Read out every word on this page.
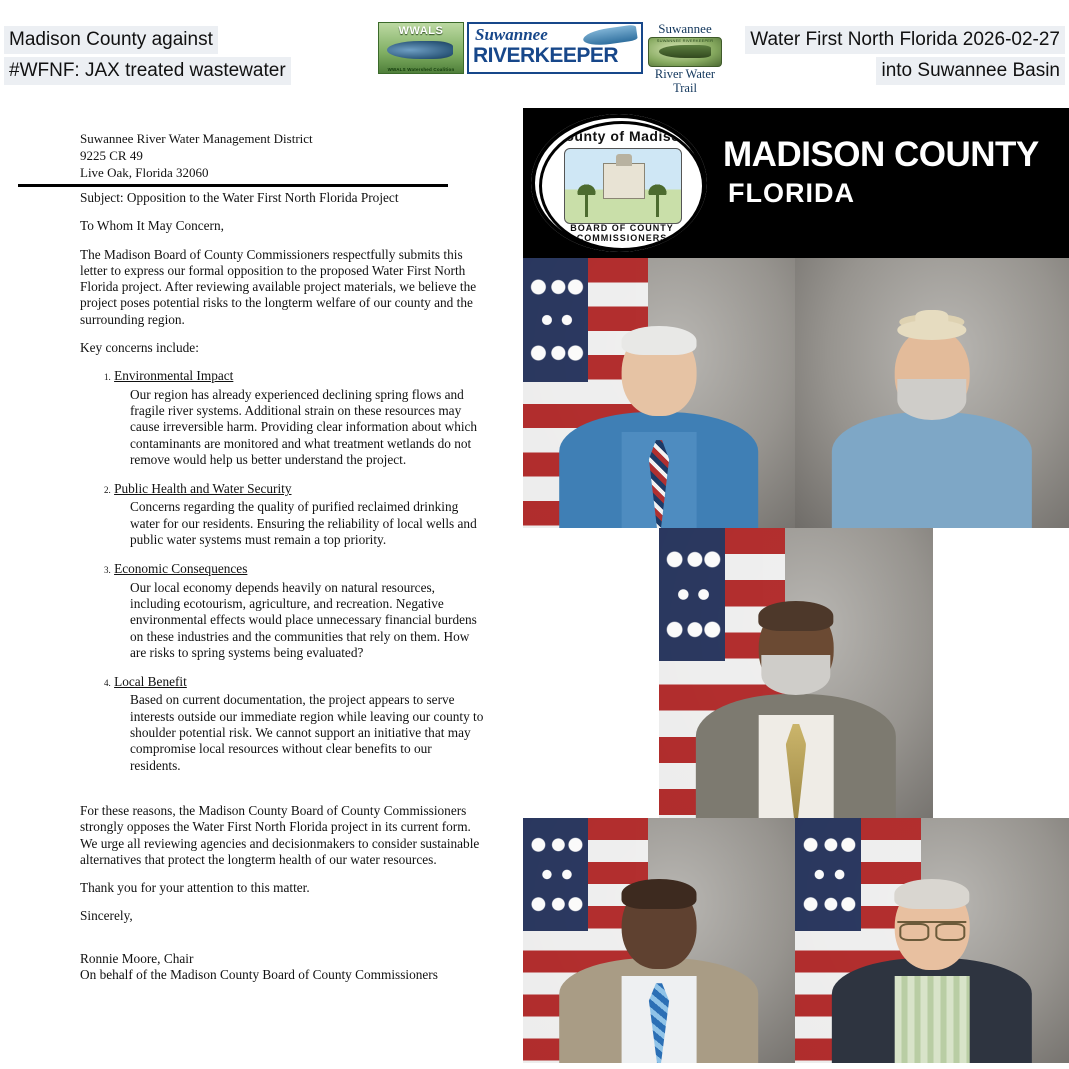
Madison County against
#WFNF: JAX treated wastewater
WWALS
WWALS Watershed Coalition
Suwannee
RIVERKEEPER
Suwannee
SUWANNEE RIVERKEEPER
River Water Trail
Water First North Florida 2026-02-27
into Suwannee Basin
Suwannee River Water Management District
9225 CR 49
Live Oak, Florida 32060

Subject: Opposition to the Water First North Florida Project

To Whom It May Concern,

The Madison Board of County Commissioners respectfully submits this letter to express our formal opposition to the proposed Water First North Florida project. After reviewing available project materials, we believe the project poses potential risks to the longterm welfare of our county and the surrounding region.

Key concerns include:

1. Environmental Impact
Our region has already experienced declining spring flows and fragile river systems. Additional strain on these resources may cause irreversible harm. Providing clear information about which contaminants are monitored and what treatment wetlands do not remove would help us better understand the project.
2. Public Health and Water Security
Concerns regarding the quality of purified reclaimed drinking water for our residents. Ensuring the reliability of local wells and public water systems must remain a top priority.
3. Economic Consequences
Our local economy depends heavily on natural resources, including ecotourism, agriculture, and recreation. Negative environmental effects would place unnecessary financial burdens on these industries and the communities that rely on them. How are risks to spring systems being evaluated?
4. Local Benefit
Based on current documentation, the project appears to serve interests outside our immediate region while leaving our county to shoulder potential risk. We cannot support an initiative that may compromise local resources without clear benefits to our residents.

For these reasons, the Madison County Board of County Commissioners strongly opposes the Water First North Florida project in its current form. We urge all reviewing agencies and decisionmakers to consider sustainable alternatives that protect the longterm health of our water resources.

Thank you for your attention to this matter.

Sincerely,

Ronnie Moore, Chair
On behalf of the Madison County Board of County Commissioners
County of Madison
BOARD OF COUNTY COMMISSIONERS
MADISON COUNTY
FLORIDA
